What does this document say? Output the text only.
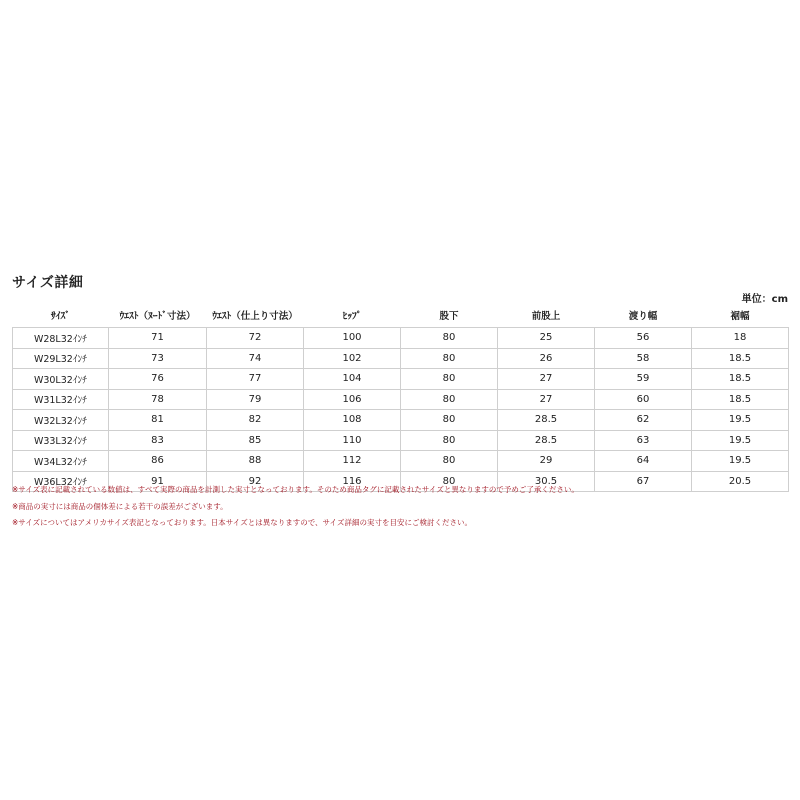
サイズ詳細
単位：cm
ｻｲｽﾞ	ｳｴｽﾄ（ﾇｰﾄﾞ寸法）	ｳｴｽﾄ（仕上り寸法）	ﾋｯﾌﾟ	股下	前股上	渡り幅	裾幅
W28L32ｲﾝﾁ	71	72	100	80	25	56	18
W29L32ｲﾝﾁ	73	74	102	80	26	58	18.5
W30L32ｲﾝﾁ	76	77	104	80	27	59	18.5
W31L32ｲﾝﾁ	78	79	106	80	27	60	18.5
W32L32ｲﾝﾁ	81	82	108	80	28.5	62	19.5
W33L32ｲﾝﾁ	83	85	110	80	28.5	63	19.5
W34L32ｲﾝﾁ	86	88	112	80	29	64	19.5
W36L32ｲﾝﾁ	91	92	116	80	30.5	67	20.5
※サイズ表に記載されている数値は、すべて実際の商品を計測した実寸となっております。そのため商品タグに記載されたサイズと異なりますので予めご了承ください。
※商品の実寸には商品の個体差による若干の誤差がございます。
※サイズについてはアメリカサイズ表記となっております。日本サイズとは異なりますので、サイズ詳細の実寸を目安にご検討ください。
